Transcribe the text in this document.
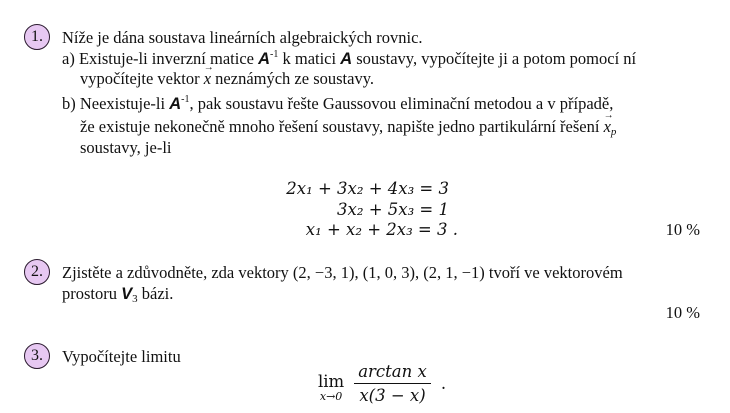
1. Níže je dána soustava lineárních algebraických rovnic.
a) Existuje-li inverzní matice $A^{-1}$ k matici A soustavy, vypočítejte ji a potom pomocí ní
vypočítejte vektor → x neznámých ze soustavy.
b) Neexistuje-li $A^{-1}$, pak soustavu řešte Gaussovou eliminační metodou a v případě,
že existuje nekonečně mnoho řešení soustavy, napište jedno partikulární řešení → $x_p$
soustavy, je-li
2x₁ + 3x₂ + 4x₃ = 3
3x₂ + 5x₃ = 1
x₁ + x₂ + 2x₃ = 3 .	10 %
2. Zjistěte a zdůvodněte, zda vektory (2, −3, 1), (1, 0, 3), (2, 1, −1) tvoří ve vektorovém
prostoru $V_3$ bázi.
10 %
3. Vypočítejte limitu
lim
$x\to 0 \frac{\text{arctan x}}{x(3 - x)}$ .
